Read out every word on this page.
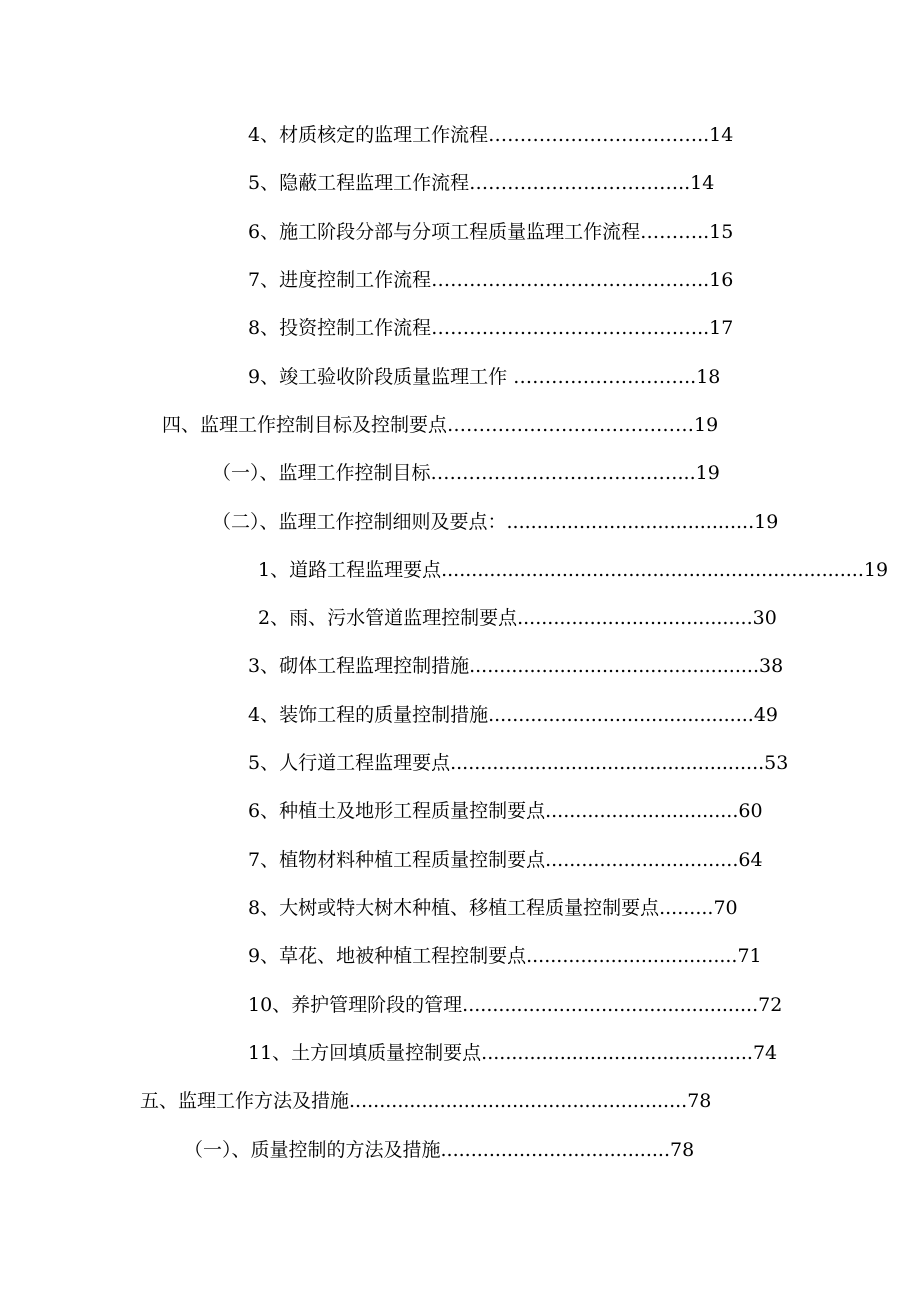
4、材质核定的监理工作流程……………………………..14
5、隐蔽工程监理工作流程……………………………..14
6、施工阶段分部与分项工程质量监理工作流程………..15
7、进度控制工作流程……………………………………..16
8、投资控制工作流程……………………………………..17
9、竣工验收阶段质量监理工作 ………………………..18
四、监理工作控制目标及控制要点…………………………………19
（一）、监理工作控制目标…………………………………...19
（二）、监理工作控制细则及要点：.........................................19
1、道路工程监理要点......................................................................19
2、雨、污水管道监理控制要点.......................................30
3、砌体工程监理控制措施................................................38
4、装饰工程的质量控制措施............................................49
5、人行道工程监理要点....................................................53
6、种植土及地形工程质量控制要点................................60
7、植物材料种植工程质量控制要点................................64
8、大树或特大树木种植、移植工程质量控制要点.........70
9、草花、地被种植工程控制要点...................................71
10、养护管理阶段的管理.................................................72
11、土方回填质量控制要点.............................................74
五、监理工作方法及措施........................................................78
（一）、质量控制的方法及措施......................................78
